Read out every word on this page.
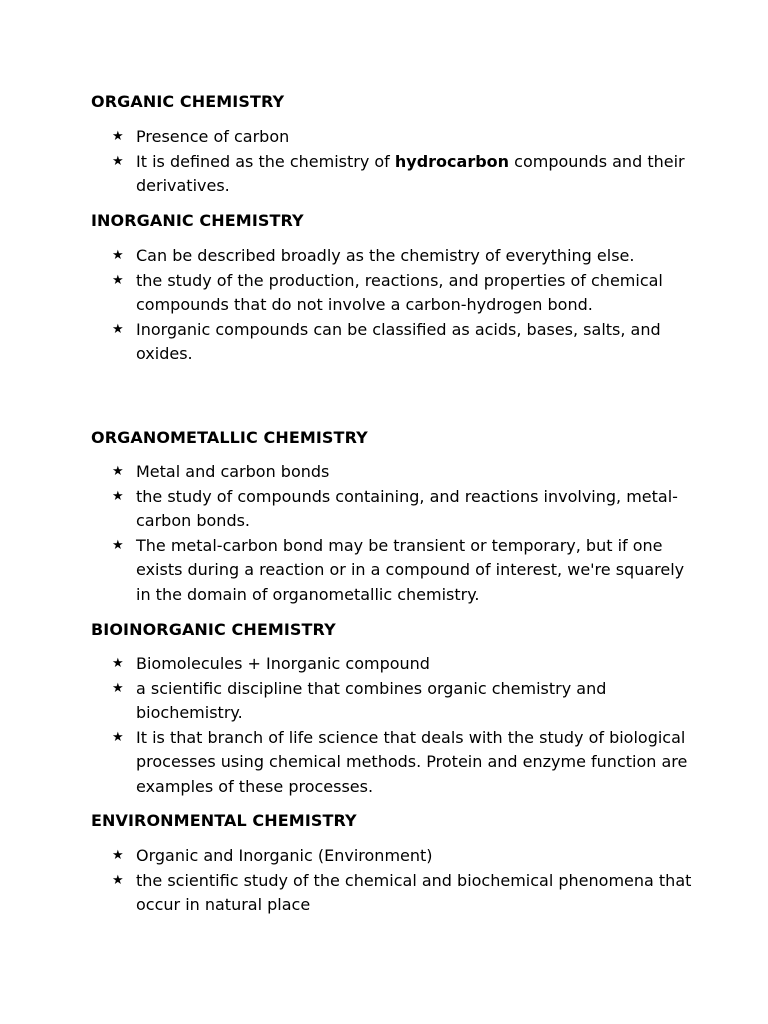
ORGANIC CHEMISTRY
★ Presence of carbon
★ It is defined as the chemistry of hydrocarbon compounds and their derivatives.
INORGANIC CHEMISTRY
★ Can be described broadly as the chemistry of everything else.
★ the study of the production, reactions, and properties of chemical compounds that do not involve a carbon-hydrogen bond.
★ Inorganic compounds can be classified as acids, bases, salts, and oxides.
ORGANOMETALLIC CHEMISTRY
★ Metal and carbon bonds
★ the study of compounds containing, and reactions involving, metal-carbon bonds.
★ The metal-carbon bond may be transient or temporary, but if one exists during a reaction or in a compound of interest, we're squarely in the domain of organometallic chemistry.
BIOINORGANIC CHEMISTRY
★ Biomolecules + Inorganic compound
★ a scientific discipline that combines organic chemistry and biochemistry.
★ It is that branch of life science that deals with the study of biological processes using chemical methods. Protein and enzyme function are examples of these processes.
ENVIRONMENTAL CHEMISTRY
★ Organic and Inorganic (Environment)
★ the scientific study of the chemical and biochemical phenomena that occur in natural place
